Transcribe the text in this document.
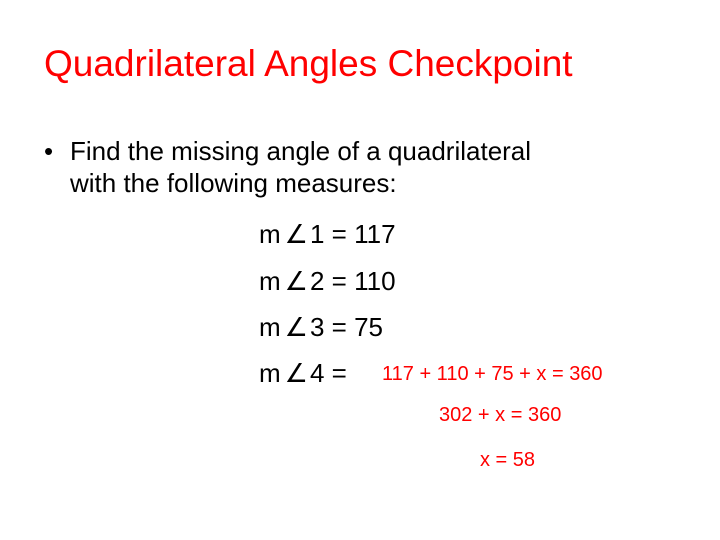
Quadrilateral Angles Checkpoint
• Find the missing angle of a quadrilateral
with the following measures:
m ∠1 = 117
m ∠2 = 110
m ∠3 = 75
m ∠4 = 117 + 110 + 75 + x = 360
302 + x = 360
x = 58
